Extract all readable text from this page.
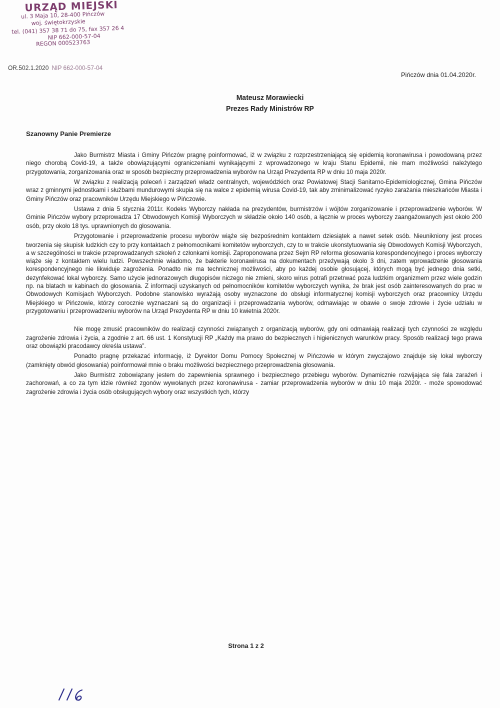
URZĄD MIEJSKI
ul. 3 Maja 10, 28-400 Pińczów
woj. świętokrzyskie
tel. (041) 357 38 71 do 75, fax 357 26 4
NIP 662-000-57-04
REGON 000523763
OR.502.1.2020 NIP 662-000-57-04
Pińczów dnia 01.04.2020r.
Mateusz Morawiecki
Prezes Rady Ministrów RP
Szanowny Panie Premierze

Jako Burmistrz Miasta i Gminy Pińczów pragnę poinformować, iż w związku z rozprzestrzeniającą się epidemią koronawirusa i powodowaną przez niego chorobą Covid-19, a także obowiązującymi ograniczeniami wynikającymi z wprowadzonego w kraju Stanu Epidemii, nie mam możliwości należytego przygotowania, zorganizowania oraz w sposób bezpieczny przeprowadzenia wyborów na Urząd Prezydenta RP w dniu 10 maja 2020r.

W związku z realizacją poleceń i zarządzeń władz centralnych, wojewódzkich oraz Powiatowej Stacji Sanitarno-Epidemiologicznej, Gmina Pińczów wraz z gminnymi jednostkami i służbami mundurowymi skupia się na walce z epidemią wirusa Covid-19, tak aby zminimalizować ryzyko zarażania mieszkańców Miasta i Gminy Pińczów oraz pracowników Urzędu Miejskiego w Pińczowie.

Ustawa z dnia 5 stycznia 2011r. Kodeks Wyborczy nakłada na prezydentów, burmistrzów i wójtów zorganizowanie i przeprowadzenie wyborów. W Gminie Pińczów wybory przeprowadza 17 Obwodowych Komisji Wyborczych w składzie około 140 osób, a łącznie w proces wyborczy zaangażowanych jest około 200 osób, przy około 18 tys. uprawnionych do głosowania.

Przygotowanie i przeprowadzenie procesu wyborów wiąże się bezpośrednim kontaktem dziesiątek a nawet setek osób. Nieunikniony jest proces tworzenia się skupisk ludzkich czy to przy kontaktach z pełnomocnikami komitetów wyborczych, czy to w trakcie ukonstytuowania się Obwodowych Komisji Wyborczych, a w szczególności w trakcie przeprowadzanych szkoleń z członkami komisji. Zaproponowana przez Sejm RP reforma głosowania korespondencyjnego i proces wyborczy wiąże się z kontaktem wielu ludzi. Powszechnie wiadomo, że bakterie koronawirusa na dokumentach przeżywają około 3 dni, zatem wprowadzenie głosowania korespondencyjnego nie likwiduje zagrożenia. Ponadto nie ma technicznej możliwości, aby po każdej osobie głosującej, których mogą być jednego dnia setki, dezynfekować lokal wyborczy. Samo użycie jednorazowych długopisów niczego nie zmieni, skoro wirus potrafi przetrwać poza ludzkim organizmem przez wiele godzin np. na blatach w kabinach do głosowania. Z informacji uzyskanych od pełnomocników komitetów wyborczych wynika, że brak jest osób zainteresowanych do prac w Obwodowych Komisjach Wyborczych. Podobne stanowisko wyrażają osoby wyznaczone do obsługi informatycznej komisji wyborczych oraz pracownicy Urzędu Miejskiego w Pińczowie, którzy corocznie wyznaczani są do organizacji i przeprowadzania wyborów, odmawiając w obawie o swoje zdrowie i życie udziału w przygotowaniu i przeprowadzeniu wyborów na Urząd Prezydenta RP w dniu 10 kwietnia 2020r.

Nie mogę zmusić pracowników do realizacji czynności związanych z organizacją wyborów, gdy oni odmawiają realizacji tych czynności ze względu zagrożenie zdrowia i życia, a zgodnie z art. 66 ust. 1 Konstytucji RP „Każdy ma prawo do bezpiecznych i higienicznych warunków pracy. Sposób realizacji tego prawa oraz obowiązki pracodawcy określa ustawa”.

Ponadto pragnę przekazać informację, iż Dyrektor Domu Pomocy Społecznej w Pińczowie w którym zwyczajowo znajduje się lokal wyborczy (zamknięty obwód głosowania) poinformował mnie o braku możliwości bezpiecznego przeprowadzenia głosowania.

Jako Burmistrz zobowiązany jestem do zapewnienia sprawnego i bezpiecznego przebiegu wyborów. Dynamicznie rozwijająca się fala zarażeń i zachorowań, a co za tym idzie również zgonów wywołanych przez koronawirusa - zamiar przeprowadzenia wyborów w dniu 10 maja 2020r. - może spowodować zagrożenie zdrowia i życia osób obsługujących wybory oraz wszystkich tych, którzy

Strona 1 z 2
